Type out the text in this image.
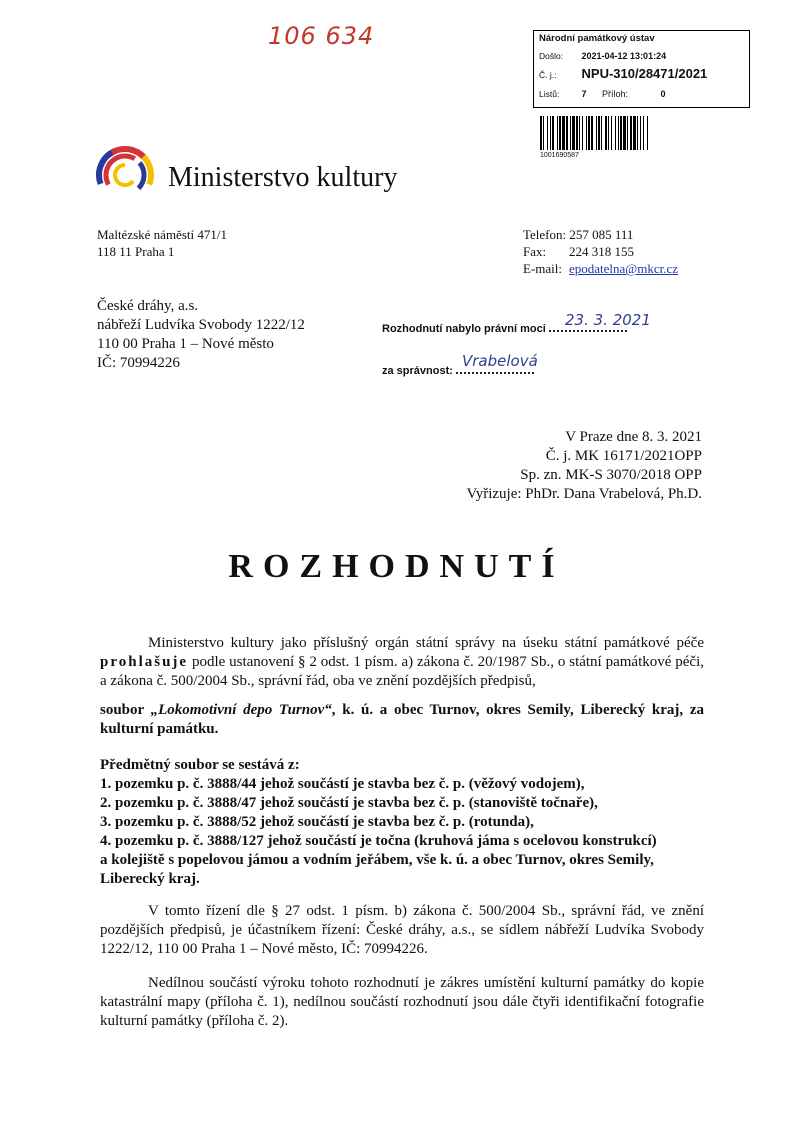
106 634	Národní památkový ústav
Došlo: 2021-04-12 13:01:24
Č. j.: NPU-310/28471/2021
Listů: 7 Příloh:	0
1001690587
Ministerstvo kultury
Maltézské náměstí 471/1
118 11 Praha 1
Telefon: 257 085 111
Fax: 224 318 155
E-mail: epodatelna@mkcr.cz
České dráhy, a.s.
nábřeží Ludvíka Svobody 1222/12
110 00 Praha 1 – Nové město
IČ: 70994226
Rozhodnutí nabylo právní moci	23. 3. 2021
za správnost:
Vrabelová
V Praze dne 8. 3. 2021
Č. j. MK 16171/2021OPP
Sp. zn. MK-S 3070/2018 OPP
Vyřizuje: PhDr. Dana Vrabelová, Ph.D.
ROZHODNUTÍ
Ministerstvo kultury jako příslušný orgán státní správy na úseku státní památkové péče prohlašuje podle ustanovení § 2 odst. 1 písm. a) zákona č. 20/1987 Sb., o státní památkové péči, a zákona č. 500/2004 Sb., správní řád, oba ve znění pozdějších předpisů,
soubor „Lokomotivní depo Turnov“, k. ú. a obec Turnov, okres Semily, Liberecký kraj, za kulturní památku.
Předmětný soubor se sestává z:
1. pozemku p. č. 3888/44 jehož součástí je stavba bez č. p. (věžový vodojem),
2. pozemku p. č. 3888/47 jehož součástí je stavba bez č. p. (stanoviště točnaře),
3. pozemku p. č. 3888/52 jehož součástí je stavba bez č. p. (rotunda),
4. pozemku p. č. 3888/127 jehož součástí je točna (kruhová jáma s ocelovou konstrukcí)
a kolejiště s popelovou jámou a vodním jeřábem, vše k. ú. a obec Turnov, okres Semily,
Liberecký kraj.
V tomto řízení dle § 27 odst. 1 písm. b) zákona č. 500/2004 Sb., správní řád, ve znění pozdějších předpisů, je účastníkem řízení: České dráhy, a.s., se sídlem nábřeží Ludvíka Svobody 1222/12, 110 00 Praha 1 – Nové město, IČ: 70994226.
Nedílnou součástí výroku tohoto rozhodnutí je zákres umístění kulturní památky do kopie katastrální mapy (příloha č. 1), nedílnou součástí rozhodnutí jsou dále čtyři identifikační fotografie kulturní památky (příloha č. 2).
